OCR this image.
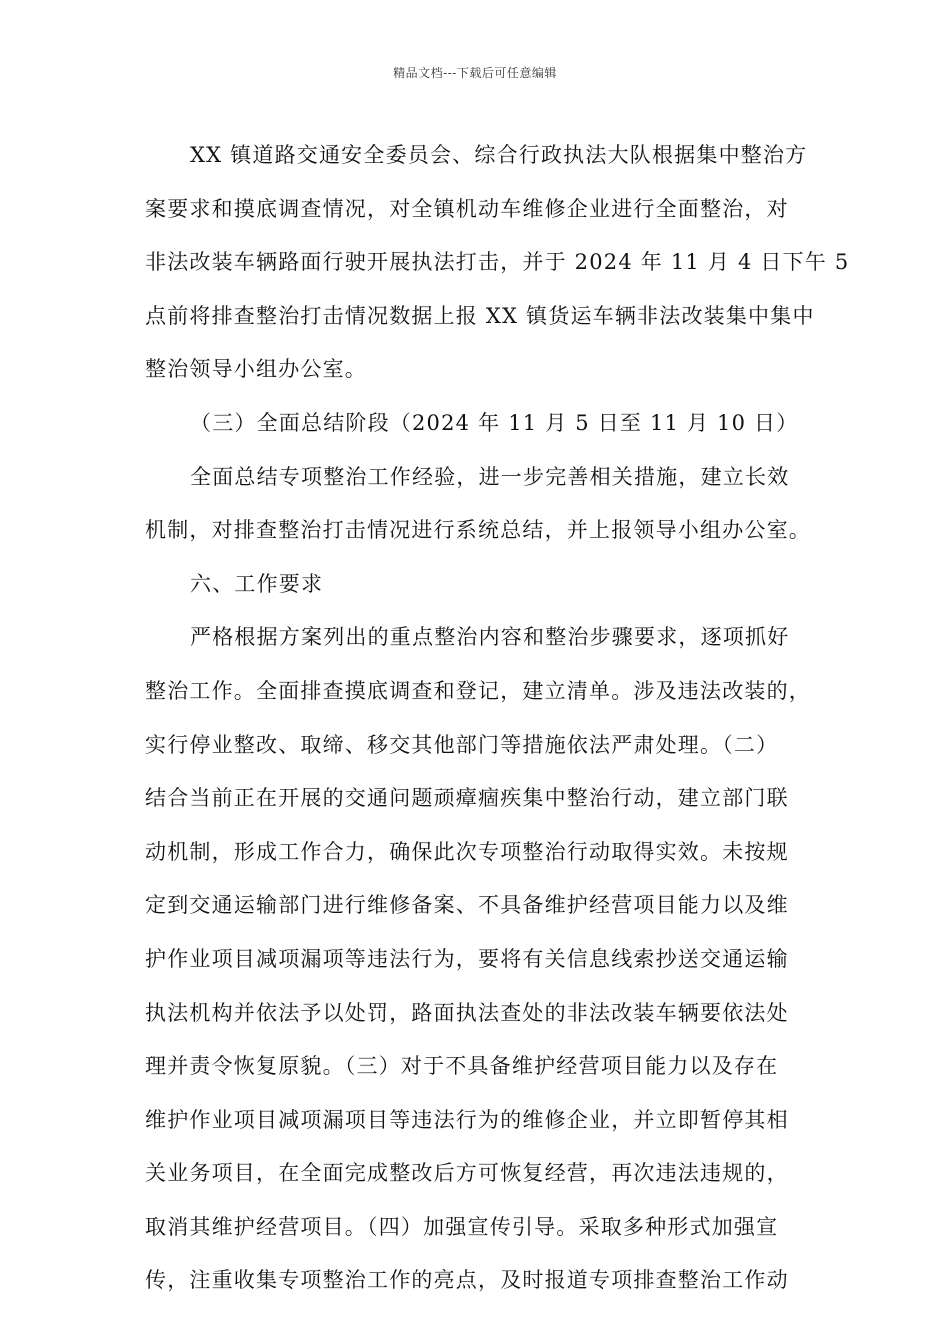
精品文档---下载后可任意编辑
XX 镇道路交通安全委员会、综合行政执法大队根据集中整治方
案要求和摸底调查情况，对全镇机动车维修企业进行全面整治，对
非法改装车辆路面行驶开展执法打击，并于 2024 年 11 月 4 日下午 5
点前将排查整治打击情况数据上报 XX 镇货运车辆非法改装集中集中
整治领导小组办公室。
（三）全面总结阶段（2024 年 11 月 5 日至 11 月 10 日）
全面总结专项整治工作经验，进一步完善相关措施，建立长效
机制，对排查整治打击情况进行系统总结，并上报领导小组办公室。
六、工作要求
严格根据方案列出的重点整治内容和整治步骤要求，逐项抓好
整治工作。全面排查摸底调查和登记，建立清单。涉及违法改装的，
实行停业整改、取缔、移交其他部门等措施依法严肃处理。（二）
结合当前正在开展的交通问题顽瘴痼疾集中整治行动，建立部门联
动机制，形成工作合力，确保此次专项整治行动取得实效。未按规
定到交通运输部门进行维修备案、不具备维护经营项目能力以及维
护作业项目减项漏项等违法行为，要将有关信息线索抄送交通运输
执法机构并依法予以处罚，路面执法查处的非法改装车辆要依法处
理并责令恢复原貌。（三）对于不具备维护经营项目能力以及存在
维护作业项目减项漏项目等违法行为的维修企业，并立即暂停其相
关业务项目，在全面完成整改后方可恢复经营，再次违法违规的，
取消其维护经营项目。（四）加强宣传引导。采取多种形式加强宣
传，注重收集专项整治工作的亮点，及时报道专项排查整治工作动
